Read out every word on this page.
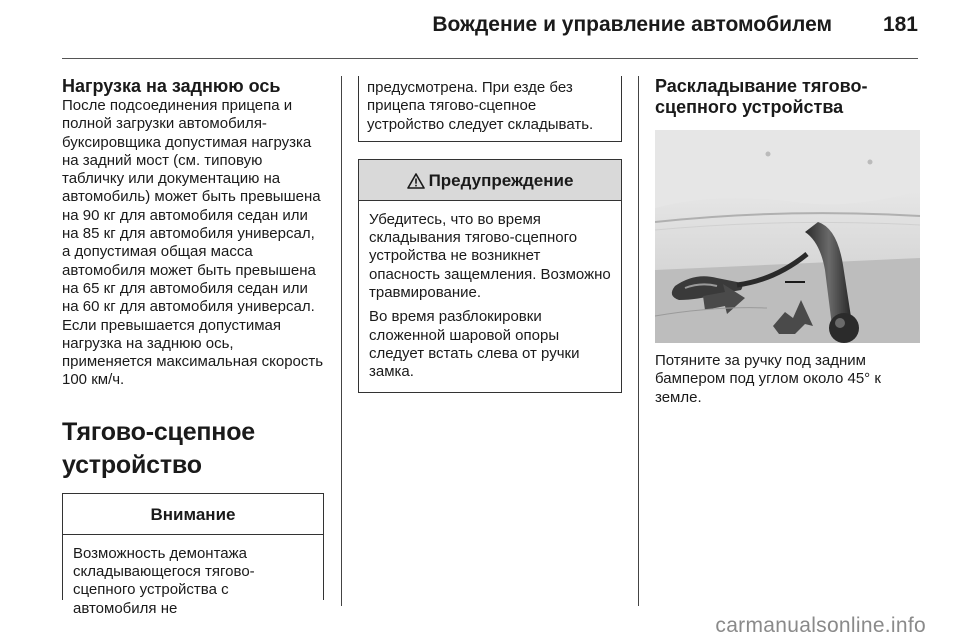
Вождение и управление автомобилем 181
Нагрузка на заднюю ось

После подсоединения прицепа и полной загрузки автомобиля-буксировщика допустимая нагрузка на задний мост (см. типовую табличку или документацию на автомобиль) может быть превышена на 90 кг для автомобиля седан или на 85 кг для автомобиля универсал, а допустимая общая масса автомобиля может быть превышена на 65 кг для автомобиля седан или на 60 кг для автомобиля универсал. Если превышается допустимая нагрузка на заднюю ось, применяется максимальная скорость 100 км/ч.

Тягово-сцепное устройство
Внимание
Возможность демонтажа складывающегося тягово-сцепного устройства с автомобиля не
предусмотрена. При езде без прицепа тягово-сцепное устройство следует складывать.
Предупреждение

Убедитесь, что во время складывания тягово-сцепного устройства не возникнет опасность защемления. Возможно травмирование.

Во время разблокировки сложенной шаровой опоры следует встать слева от ручки замка.

Раскладывание тягово-сцепного устройства

Потяните за ручку под задним бампером под углом около 45° к земле.

carmanualsonline.info
